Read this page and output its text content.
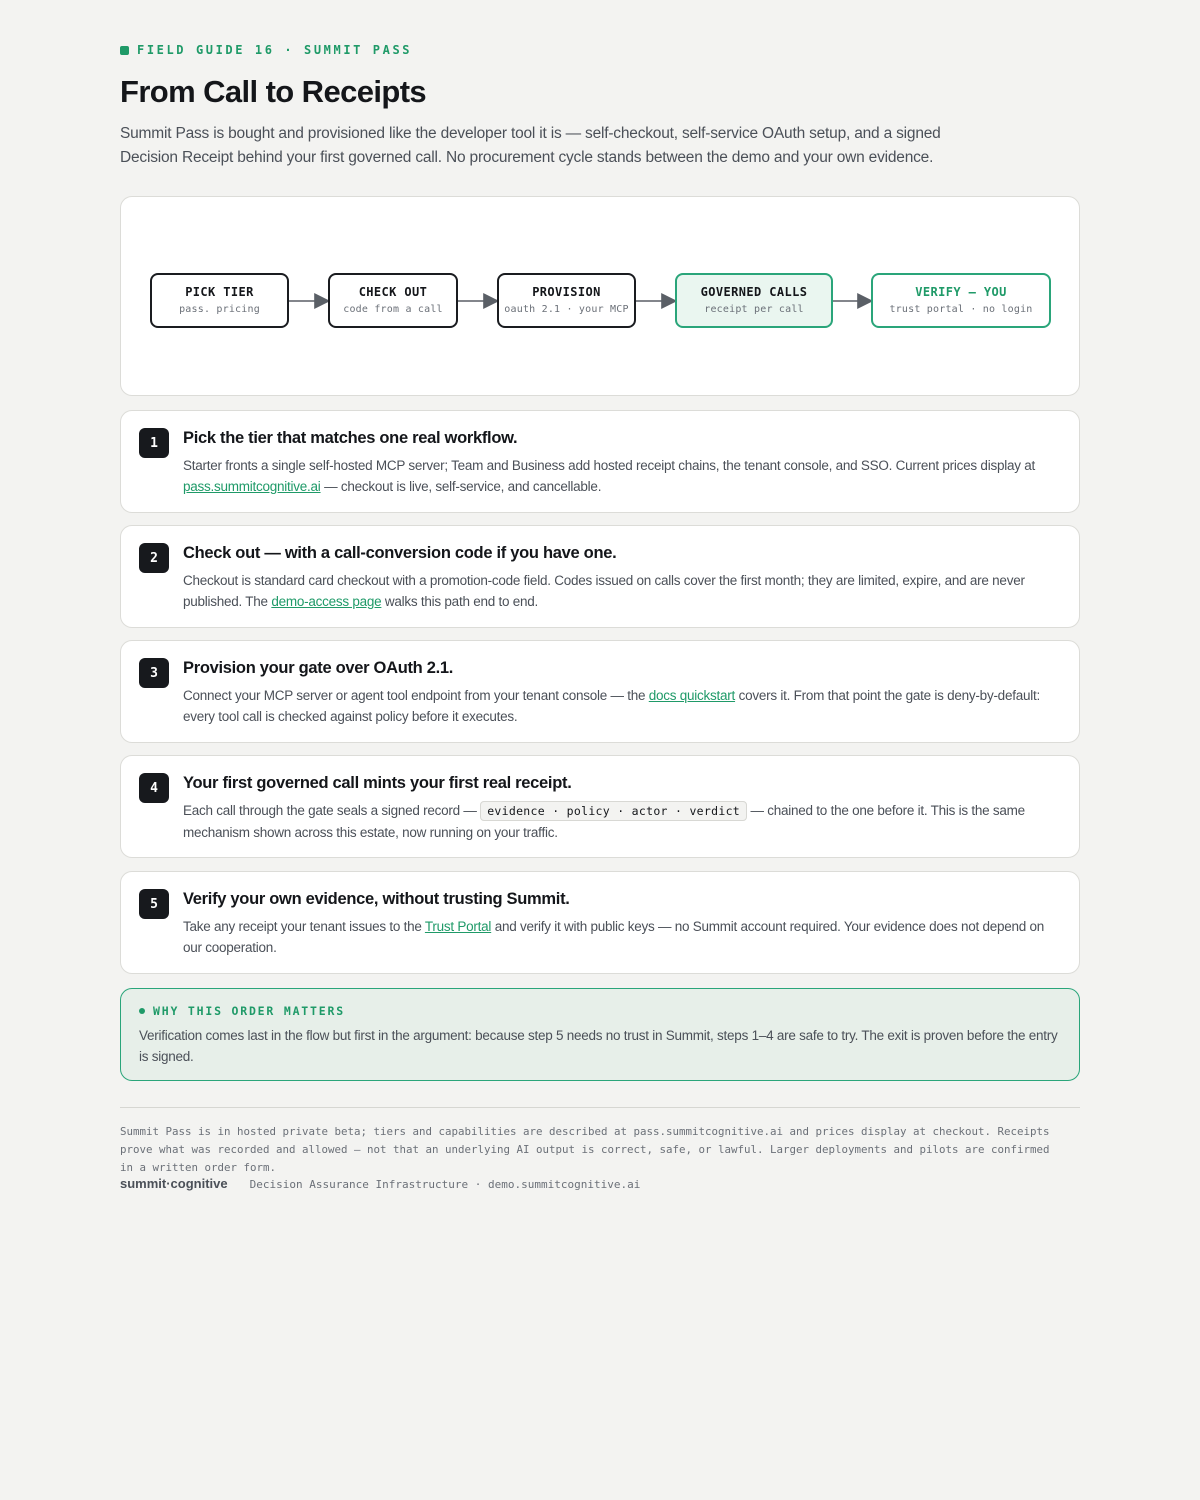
FIELD GUIDE 16 · SUMMIT PASS
From Call to Receipts

Summit Pass is bought and provisioned like the developer tool it is — self-checkout, self-service OAuth setup, and a signed Decision Receipt behind your first governed call. No procurement cycle stands between the demo and your own evidence.

PICK TIER
pass. pricing
CHECK OUT
code from a call
PROVISION
oauth 2.1 · your MCP
GOVERNED CALLS
receipt per call
VERIFY — YOU
trust portal · no login
1	Pick the tier that matches one real workflow.
Starter fronts a single self-hosted MCP server; Team and Business add hosted receipt chains, the tenant console, and SSO. Current prices display at pass.summitcognitive.ai — checkout is live, self-service, and cancellable.
2	Check out — with a call-conversion code if you have one.
Checkout is standard card checkout with a promotion-code field. Codes issued on calls cover the first month; they are limited, expire, and are never published. The demo-access page walks this path end to end.
3	Provision your gate over OAuth 2.1.
Connect your MCP server or agent tool endpoint from your tenant console — the docs quickstart covers it. From that point the gate is deny-by-default: every tool call is checked against policy before it executes.
4	Your first governed call mints your first real receipt.
Each call through the gate seals a signed record — evidence · policy · actor · verdict — chained to the one before it. This is the same mechanism shown across this estate, now running on your traffic.
5	Verify your own evidence, without trusting Summit.
Take any receipt your tenant issues to the Trust Portal and verify it with public keys — no Summit account required. Your evidence does not depend on our cooperation.
WHY THIS ORDER MATTERS
Verification comes last in the flow but first in the argument: because step 5 needs no trust in Summit, steps 1–4 are safe to try. The exit is proven before the entry is signed.
Summit Pass is in hosted private beta; tiers and capabilities are described at pass.summitcognitive.ai and prices display at checkout. Receipts prove what was recorded and allowed — not that an underlying AI output is correct, safe, or lawful. Larger deployments and pilots are confirmed in a written order form.
summit·cognitive Decision Assurance Infrastructure · demo.summitcognitive.ai
